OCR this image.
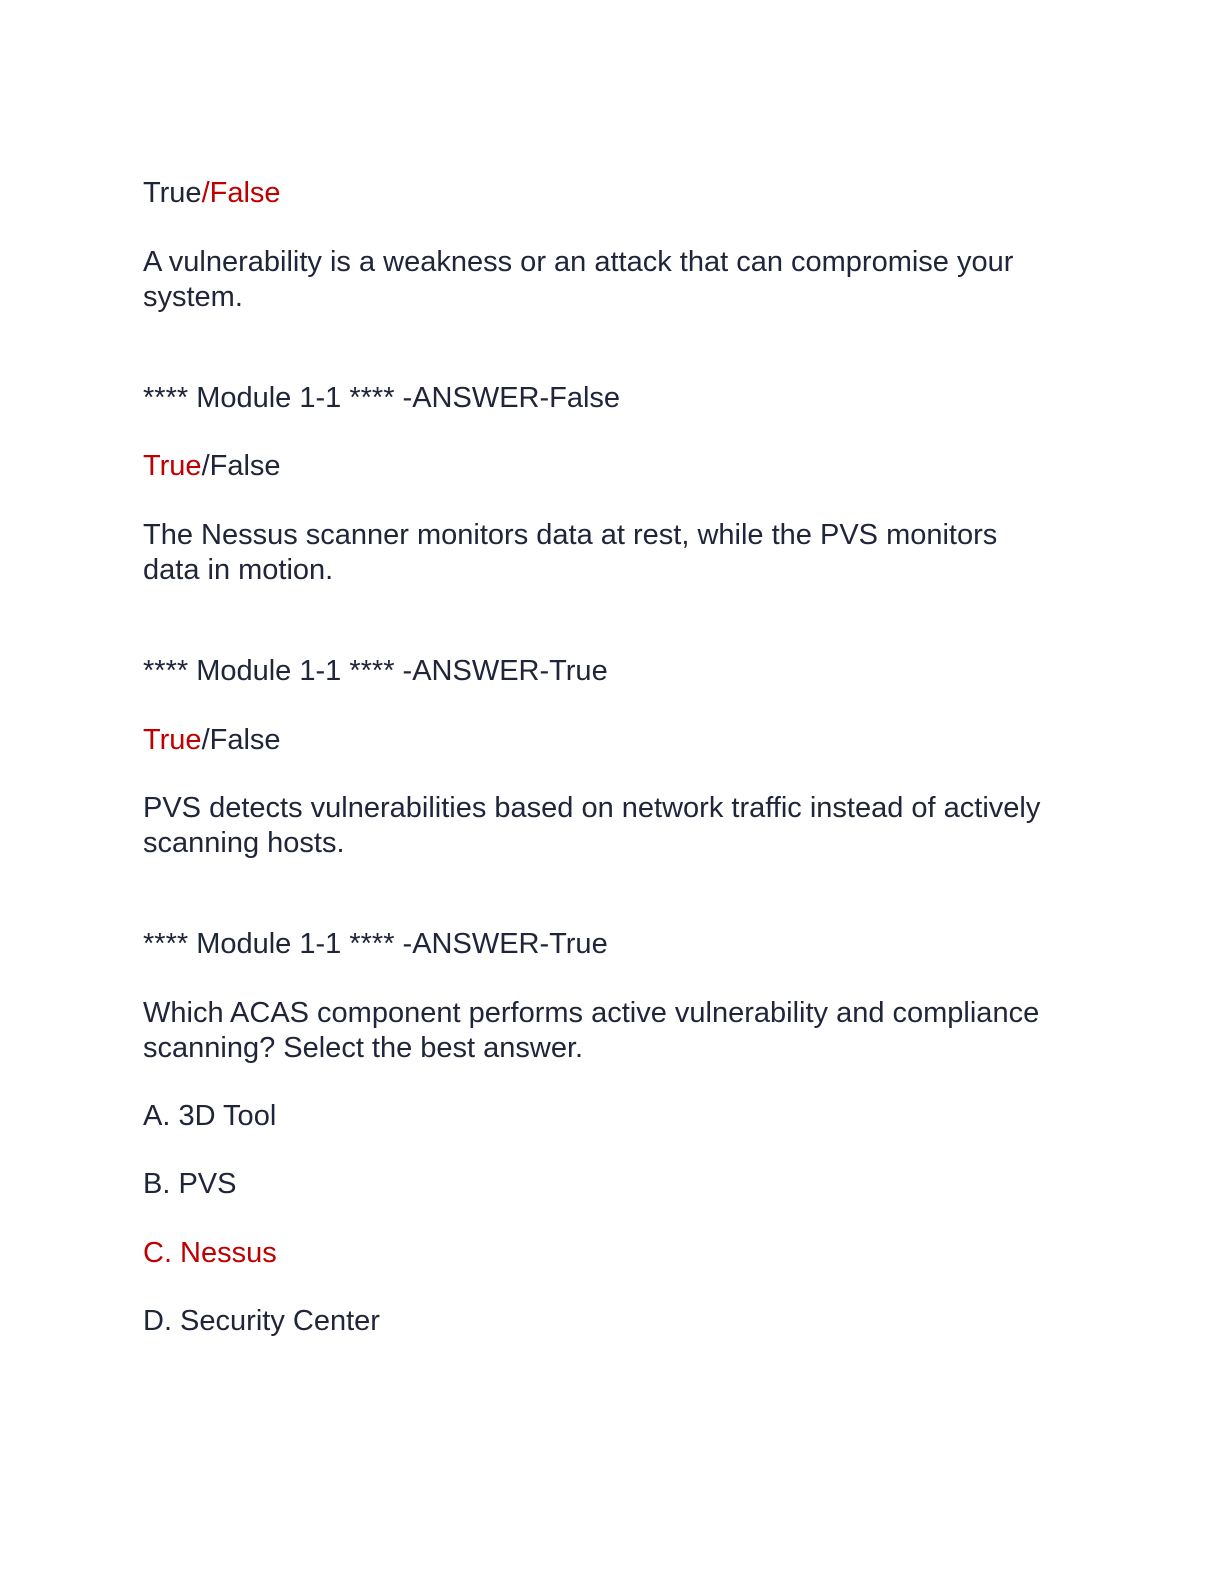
True/False

A vulnerability is a weakness or an attack that can compromise your

system.

**** Module 1-1 **** -ANSWER-False

True/False

The Nessus scanner monitors data at rest, while the PVS monitors

data in motion.

**** Module 1-1 **** -ANSWER-True

True/False

PVS detects vulnerabilities based on network traffic instead of actively

scanning hosts.

**** Module 1-1 **** -ANSWER-True

Which ACAS component performs active vulnerability and compliance

scanning? Select the best answer.

A. 3D Tool

B. PVS

C. Nessus

D. Security Center
